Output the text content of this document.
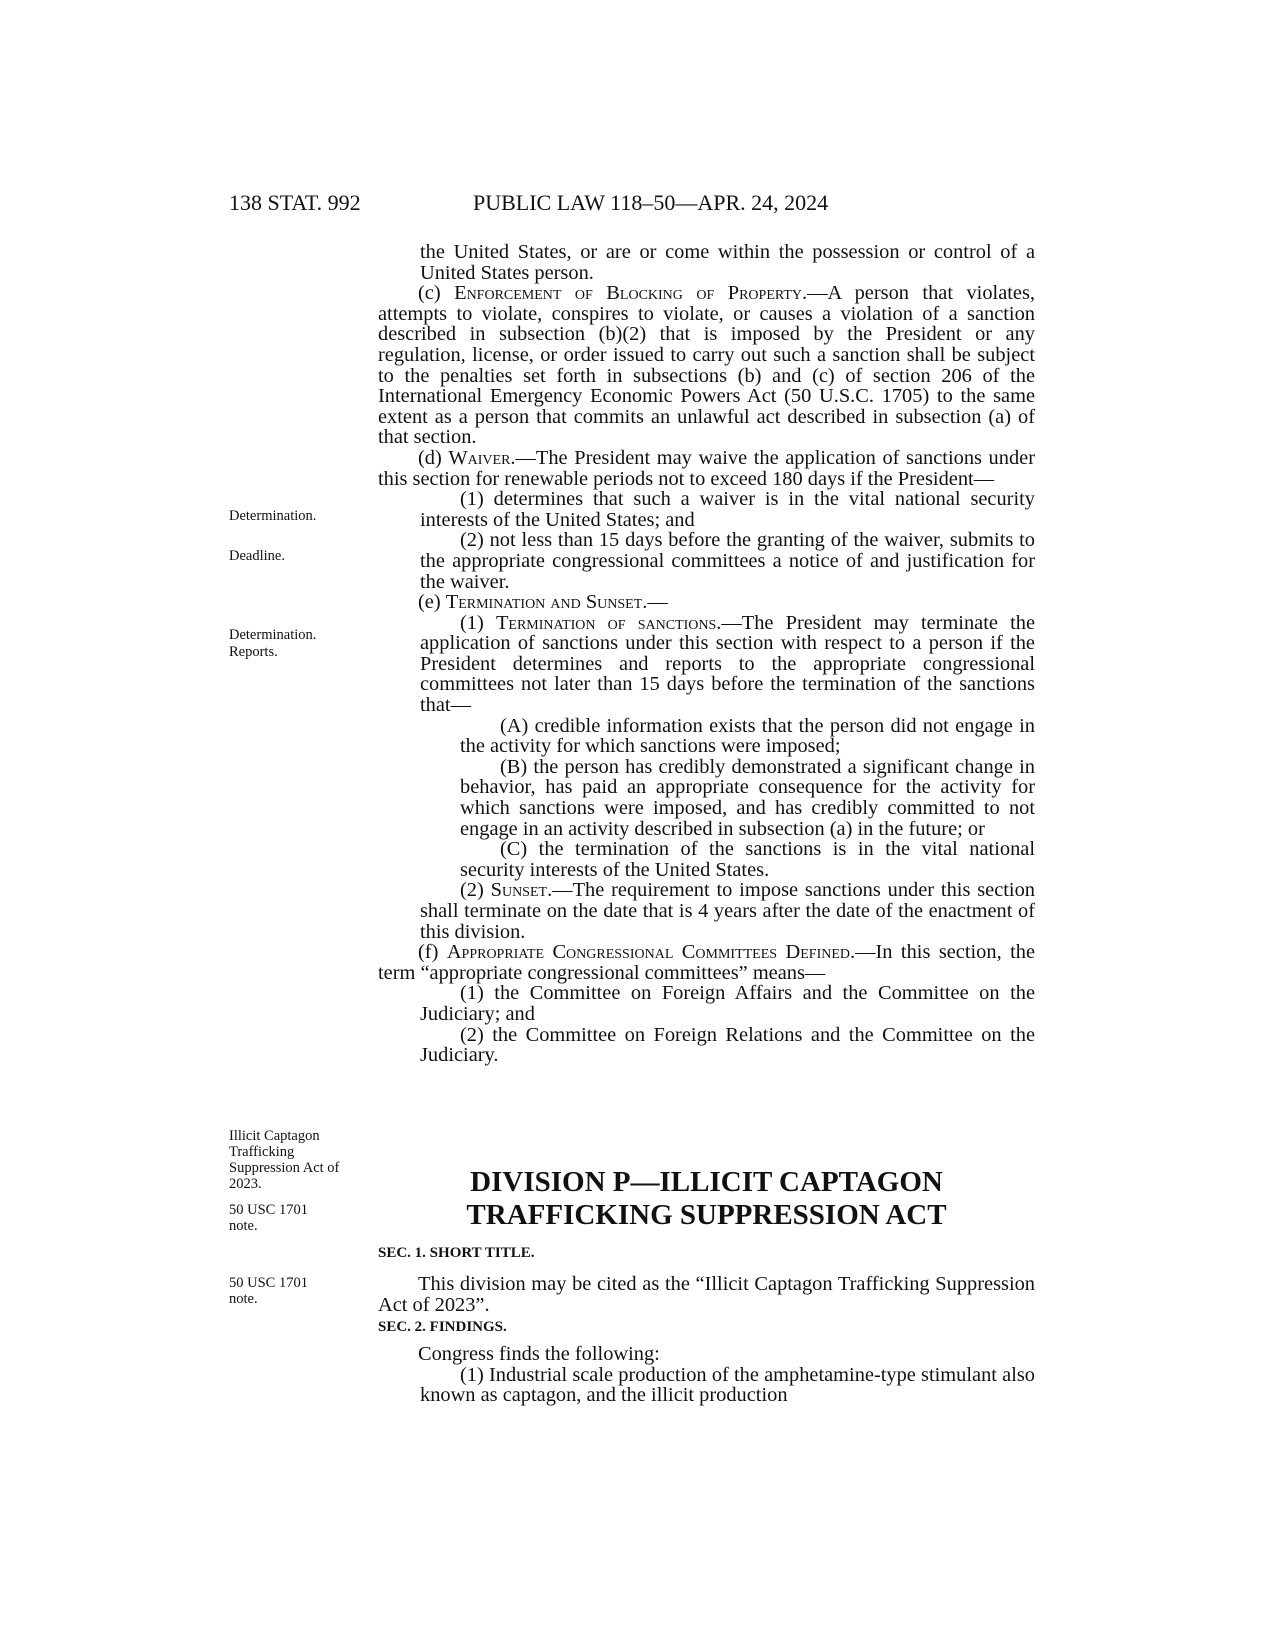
138 STAT. 992	PUBLIC LAW 118–50—APR. 24, 2024
Determination.
Deadline.
Determination.
Reports.
Illicit Captagon Trafficking Suppression Act of 2023.
50 USC 1701 note.
50 USC 1701 note.

the United States, or are or come within the possession or control of a United States person.

(c) Enforcement of Blocking of Property.—A person that violates, attempts to violate, conspires to violate, or causes a violation of a sanction described in subsection (b)(2) that is imposed by the President or any regulation, license, or order issued to carry out such a sanction shall be subject to the penalties set forth in subsections (b) and (c) of section 206 of the International Emergency Economic Powers Act (50 U.S.C. 1705) to the same extent as a person that commits an unlawful act described in subsection (a) of that section.

(d) Waiver.—The President may waive the application of sanctions under this section for renewable periods not to exceed 180 days if the President—

(1) determines that such a waiver is in the vital national security interests of the United States; and

(2) not less than 15 days before the granting of the waiver, submits to the appropriate congressional committees a notice of and justification for the waiver.

(e) Termination and Sunset.—

(1) Termination of sanctions.—The President may terminate the application of sanctions under this section with respect to a person if the President determines and reports to the appropriate congressional committees not later than 15 days before the termination of the sanctions that—

(A) credible information exists that the person did not engage in the activity for which sanctions were imposed;

(B) the person has credibly demonstrated a significant change in behavior, has paid an appropriate consequence for the activity for which sanctions were imposed, and has credibly committed to not engage in an activity described in subsection (a) in the future; or

(C) the termination of the sanctions is in the vital national security interests of the United States.

(2) Sunset.—The requirement to impose sanctions under this section shall terminate on the date that is 4 years after the date of the enactment of this division.

(f) Appropriate Congressional Committees Defined.—In this section, the term “appropriate congressional committees” means—

(1) the Committee on Foreign Affairs and the Committee on the Judiciary; and

(2) the Committee on Foreign Relations and the Committee on the Judiciary.

DIVISION P—ILLICIT CAPTAGON
TRAFFICKING SUPPRESSION ACT
SEC. 1. SHORT TITLE.

This division may be cited as the “Illicit Captagon Trafficking Suppression Act of 2023”.

SEC. 2. FINDINGS.

Congress finds the following:

(1) Industrial scale production of the amphetamine-type stimulant also known as captagon, and the illicit production
